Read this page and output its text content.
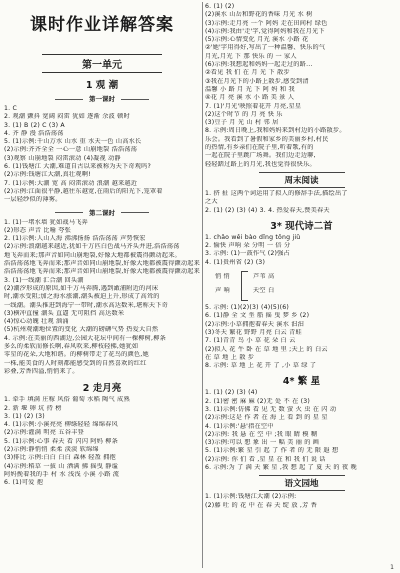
课时作业详解答案
第一单元
1 观 潮
第一课时
1. C
2. 观潮 颤抖 宽阔 闷雷 犹如 逐渐 余波 顿时
3. (1) B (2) C (3) A
4. 齐 静 漫 浩浩荡荡
5. (1)示例:千山万水 山水 重 水天一色 山高水长
(2)示例:齐齐全全 一心一意 山崩地裂 浩浩荡荡
(3)观察 山崩地裂 闷雷滚动 (4)凝视 动静
6. (1)钱塘江 大潮,难道自古以来被称为天下奇观吗?
(2)示例:钱塘江大潮,真壮观啊!
7. (1)示例:大潮 宽 高 闷雷滚动 浪潮 越来越近
(2)示例:江面很平静,越往东越宽,在雨后的阳光下,笼罩着
一层轻纱似的薄雾。
第二课时
1. (1)一堵水墙 犹如战马飞奔
(2)形态 声音 比喻 夸张
2. (1)示例:人山人海 沸沸扬扬 浩浩荡荡 声势恢宏
(2)示例:浪潮越来越近,犹如千万匹白色战马齐头并进,浩浩荡荡
地飞奔而来;那声音如同山崩地裂,好像大地都被震得颤动起来。
浩浩荡荡地飞奔而来;那声音如同山崩地裂,好像大地都被震得颤动起来
浩浩荡荡地飞奔而来;那声音如同山崩地裂,好像大地都被震得颤动起来
3. (1)一线潮 汇合潮 回头潮
(2)潮汐形成的原因,如千万马奔腾,遇到澉浦附近的河床
时,潮水受阻;加之海水涨潮,潮头被迫上升,形成了高耸的
一线潮。潮头推进到海宁一带时,潮水高达数米,堪称天下奇
(3)横冲直撞 潮头 直逼 无可阻挡 高达数米
(4)惊心动魄 壮观 汹涌
(5)杭州观潮地位置的变化 大潮的磅礴气势 热爱大自然
4. 示例:在美丽的西湖边,公园大花坛中间有一棵柳树,柳条
多么的柔软而修长啊,春风吹来,柳枝轻拂,她犹如
零星的花朵,大地和谐。的柳树带走了花鸟的颜色,她
一株,能美食的人时刻都能感受到的自然喜欢的红红
彩叠,芳香四溢,悄悄来了。
2 走月亮
1. 牵手 填满 庄稼 风俗 葡萄 水稻 陶气 成熟
2. 新 堰 卵 坑 持 榜
3. (1) (2) (3)
4. (1)示例:小溪亮亮 柳绦轻轻 绵绵春风
(2)示例:灌满 明亮 五谷丰登
5. (1)示例:心事 春天 看 闪闪 阿妈 柳条
(2)示例:静悄悄 柔柔 淡淡 软绵绵
(3)排比 示例:白白 白白 森林 轻盈 拥抱
(4)示例:稻草 一拔 山 洒满 拂 摇曳 静谧
阿妈挽着我的手 村 水 浅浅 小溪 小路 流
6. (1)可爱 抱
6. (1) (2)
(2)溪水 山岳和野花的香味 月光 水 树
(3)示例:走月亮 一个 阿妈 走在田间村 绿色
(4)示例:我由'走'字,觉得阿妈和我在月光下
(5)示例:心情变化 月光 溪水 小路 花
②'她'字用得好,写出了一种温馨、快乐的气
月光,月光 下 那 快乐 的 一 家人
(6)示例:我想起和妈妈一起走过的路...
②看见 我 们 在 月 光 下 散步
③我在月光下的小路上散步,感受到清
温馨 小 路 月 光 下 阿 妈 和 我
④花 月 亮 溪 水 小 路 美 景 人
7. (1)'月光'映照着花开 月亮,星星
(2)这个时节 的 月 亮 快 乐
(3)豆子 月 光 山 村 邻 居
8. 示例:周日晚上,我和妈妈来到村边的小路散步。
乐会。我看到了暑假和家乡的美丽乡村,村民
的热情,有乡亲们在院子里,听着歌,有的
一起在院子里跳广场舞。我们边走边聊,
轻轻踏过路上的月光,我也觉得很快乐。
周末阅读
1. 挤 扯 这两个词运用了拟人的修辞手法,描绘出了
之大
2. (1) (2) (3) (4) 3. 4. 热爱春天,赞美春天
3* 现代诗二首
1. chǎo wěi bào dǐng tǒng jiǔ
2. 愉快 声响 朵 分明 一 倍 分
3. 示例: (1)一鼓作气 (2)强占
4. (1)贵州省 (2) (3)
悄 悄
声 响
芦苇 高
天空 白
5. 示例: (1)(2)(3) (4)(5)(6)
6. (1)静 全 文 坐 船 摇 曳 梦 乡 (2)
(2)示例:小草拥抱着春天 溪水 汩汩
(3)冬天 繁花 野野 月亮 白云 青蛙
7. (1)青青 鸟 小 草 花 朵 白 云
(2)拟人 花 牛 卧 在 草 地 里 ;天上 的 白云
在 草 地 上 散 步
8. 示例: 草 地 上 花 开 了 ,小 草 绿 了
4* 繁 星
1. (1) (2) (3) (4)
2. (1)密 密 麻 麻 (2)无 处 不 在 (3)
3. (1)示例:仿佛 看 见 无 数 萤 火 虫 在 闪 动
(2)示例:这是 作 者 在 海 上 看 到 的 星 星
4. (1)示例:'悬'指在空中
(2)示例: 我 悬 在 空 中 ;我 眼 睛 模 糊
(3)示例:可以 想 象 出 一 幅 美 丽 的 画
5. (1)示例:繁 星 引 起 了 作 者 的 无 限 遐 想
(2)示例: 你 们 看 ,星 星 在 和 我 们 说 话
6. 示例:为 了 满 天 繁 星 ,我 想 起 了 夏 天 的 夜 晚
语文园地
1. (1)示例:钱塘江大潮 (2)示例:
(2)藤 吐 的 花 中 在 春 天 绽 放 ,芳 香
1
